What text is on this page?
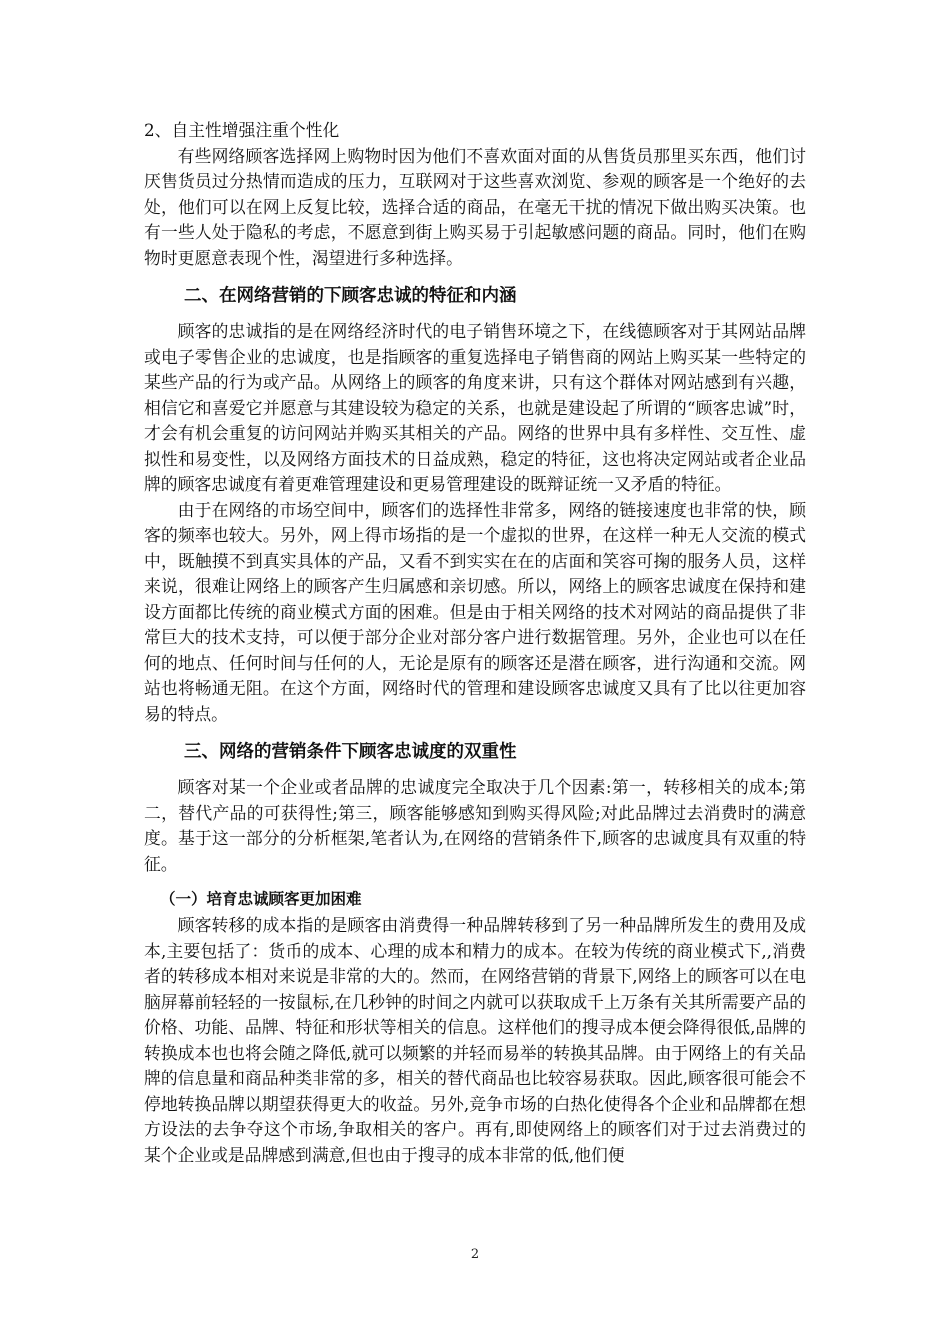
2、自主性增强注重个性化

有些网络顾客选择网上购物时因为他们不喜欢面对面的从售货员那里买东西，他们讨厌售货员过分热情而造成的压力，互联网对于这些喜欢浏览、参观的顾客是一个绝好的去处，他们可以在网上反复比较，选择合适的商品，在毫无干扰的情况下做出购买决策。也有一些人处于隐私的考虑，不愿意到街上购买易于引起敏感问题的商品。同时，他们在购物时更愿意表现个性，渴望进行多种选择。

二、在网络营销的下顾客忠诚的特征和内涵

顾客的忠诚指的是在网络经济时代的电子销售环境之下，在线德顾客对于其网站品牌或电子零售企业的忠诚度，也是指顾客的重复选择电子销售商的网站上购买某一些特定的某些产品的行为或产品。从网络上的顾客的角度来讲，只有这个群体对网站感到有兴趣，相信它和喜爱它并愿意与其建设较为稳定的关系，也就是建设起了所谓的“顾客忠诚”时，才会有机会重复的访问网站并购买其相关的产品。网络的世界中具有多样性、交互性、虚拟性和易变性，以及网络方面技术的日益成熟，稳定的特征，这也将决定网站或者企业品牌的顾客忠诚度有着更难管理建设和更易管理建设的既辩证统一又矛盾的特征。

由于在网络的市场空间中，顾客们的选择性非常多，网络的链接速度也非常的快，顾客的频率也较大。另外，网上得市场指的是一个虚拟的世界，在这样一种无人交流的模式中，既触摸不到真实具体的产品，又看不到实实在在的店面和笑容可掬的服务人员，这样来说，很难让网络上的顾客产生归属感和亲切感。所以，网络上的顾客忠诚度在保持和建设方面都比传统的商业模式方面的困难。但是由于相关网络的技术对网站的商品提供了非常巨大的技术支持，可以便于部分企业对部分客户进行数据管理。另外，企业也可以在任何的地点、任何时间与任何的人，无论是原有的顾客还是潜在顾客，进行沟通和交流。网站也将畅通无阻。在这个方面，网络时代的管理和建设顾客忠诚度又具有了比以往更加容易的特点。

三、网络的营销条件下顾客忠诚度的双重性

顾客对某一个企业或者品牌的忠诚度完全取决于几个因素:第一，转移相关的成本;第二，替代产品的可获得性;第三，顾客能够感知到购买得风险;对此品牌过去消费时的满意度。基于这一部分的分析框架,笔者认为,在网络的营销条件下,顾客的忠诚度具有双重的特征。

（一）培育忠诚顾客更加困难

顾客转移的成本指的是顾客由消费得一种品牌转移到了另一种品牌所发生的费用及成本,主要包括了：货币的成本、心理的成本和精力的成本。在较为传统的商业模式下,,消费者的转移成本相对来说是非常的大的。然而，在网络营销的背景下,网络上的顾客可以在电脑屏幕前轻轻的一按鼠标,在几秒钟的时间之内就可以获取成千上万条有关其所需要产品的价格、功能、品牌、特征和形状等相关的信息。这样他们的搜寻成本便会降得很低,品牌的转换成本也也将会随之降低,就可以频繁的并轻而易举的转换其品牌。由于网络上的有关品牌的信息量和商品种类非常的多，相关的替代商品也比较容易获取。因此,顾客很可能会不停地转换品牌以期望获得更大的收益。另外,竞争市场的白热化使得各个企业和品牌都在想方设法的去争夺这个市场,争取相关的客户。再有,即使网络上的顾客们对于过去消费过的某个企业或是品牌感到满意,但也由于搜寻的成本非常的低,他们便

2
